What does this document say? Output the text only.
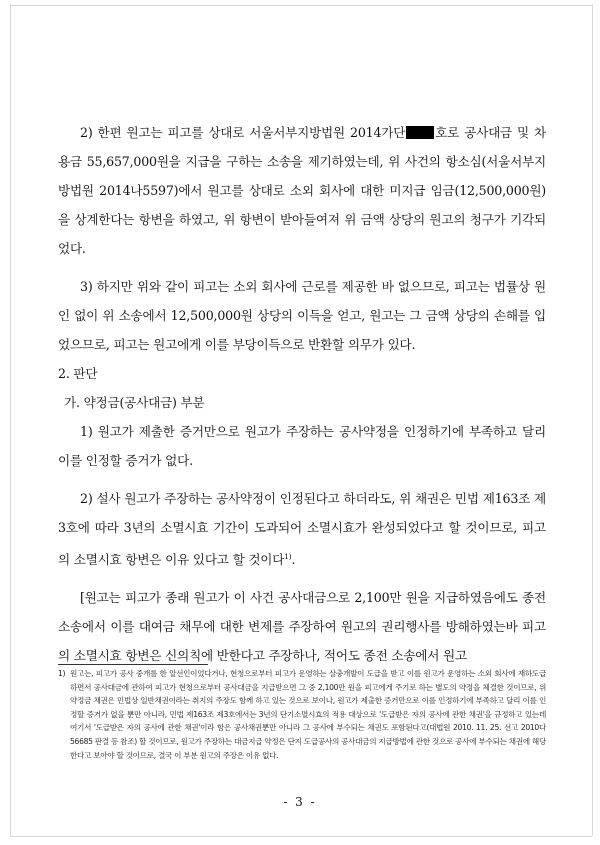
2) 한편 원고는 피고를 상대로 서울서부지방법원 2014가단 호로 공사대금 및 차용금 55,657,000원을 지급을 구하는 소송을 제기하였는데, 위 사건의 항소심(서울서부지방법원 2014나5597)에서 원고를 상대로 소외 회사에 대한 미지급 임금(12,500,000원)을 상계한다는 항변을 하였고, 위 항변이 받아들여져 위 금액 상당의 원고의 청구가 기각되었다.

3) 하지만 위와 같이 피고는 소외 회사에 근로를 제공한 바 없으므로, 피고는 법률상 원인 없이 위 소송에서 12,500,000원 상당의 이득을 얻고, 원고는 그 금액 상당의 손해를 입었으므로, 피고는 원고에게 이를 부당이득으로 반환할 의무가 있다.

2. 판단

가. 약정금(공사대금) 부분

1) 원고가 제출한 증거만으로 원고가 주장하는 공사약정을 인정하기에 부족하고 달리 이를 인정할 증거가 없다.

2) 설사 원고가 주장하는 공사약정이 인정된다고 하더라도, 위 채권은 민법 제163조 제3호에 따라 3년의 소멸시효 기간이 도과되어 소멸시효가 완성되었다고 할 것이므로, 피고의 소멸시효 항변은 이유 있다고 할 것이다$^{1)}$.

[원고는 피고가 종래 원고가 이 사건 공사대금으로 2,100만 원을 지급하였음에도 종전 소송에서 이를 대여금 채무에 대한 변제를 주장하여 원고의 권리행사를 방해하였는바 피고의 소멸시효 항변은 신의칙에 반한다고 주장하나, 적어도 종전 소송에서 원고

1) 원고는, 피고가 공사 중개를 한 알선인이었다거나, 현청으로부터 피고가 운영하는 살충개발이 도급을 받고 이를 원고가 운영하는 소외 회사에 재하도급하면서 공사대금에 관하여 피고가 현청으로부터 공사대금을 지급받으면 그 중 2,100만 원을 피고에게 주기로 하는 별도의 약정을 체결한 것이므로, 위 약정금 채권은 민법상 일반채권이라는 취지의 주장도 함께 하고 있는 것으로 보이나, 원고가 제출한 증거만으로 이를 인정하기에 부족하고 달리 이를 인정할 증거가 없을 뿐만 아니라, 민법 제163조 제3호에서는 3년의 단기소멸시효의 적용 대상으로 '도급받은 자의 공사에 관한 채권'을 규정하고 있는데 여기서 '도급받은 자의 공사에 관한 채권'이라 함은 공사채권뿐만 아니라 그 공사에 부수되는 채권도 포함된다고(대법원 2010. 11. 25. 선고 2010다56685 판결 등 참조) 할 것이므로, 원고가 주장하는 대금지급 약정은 단지 도급공사의 공사대금의 지급방법에 관한 것으로 공사에 부수되는 채권에 해당한다고 보아야 할 것이므로, 결국 이 부분 원고의 주장은 이유 없다.
- 3 -
